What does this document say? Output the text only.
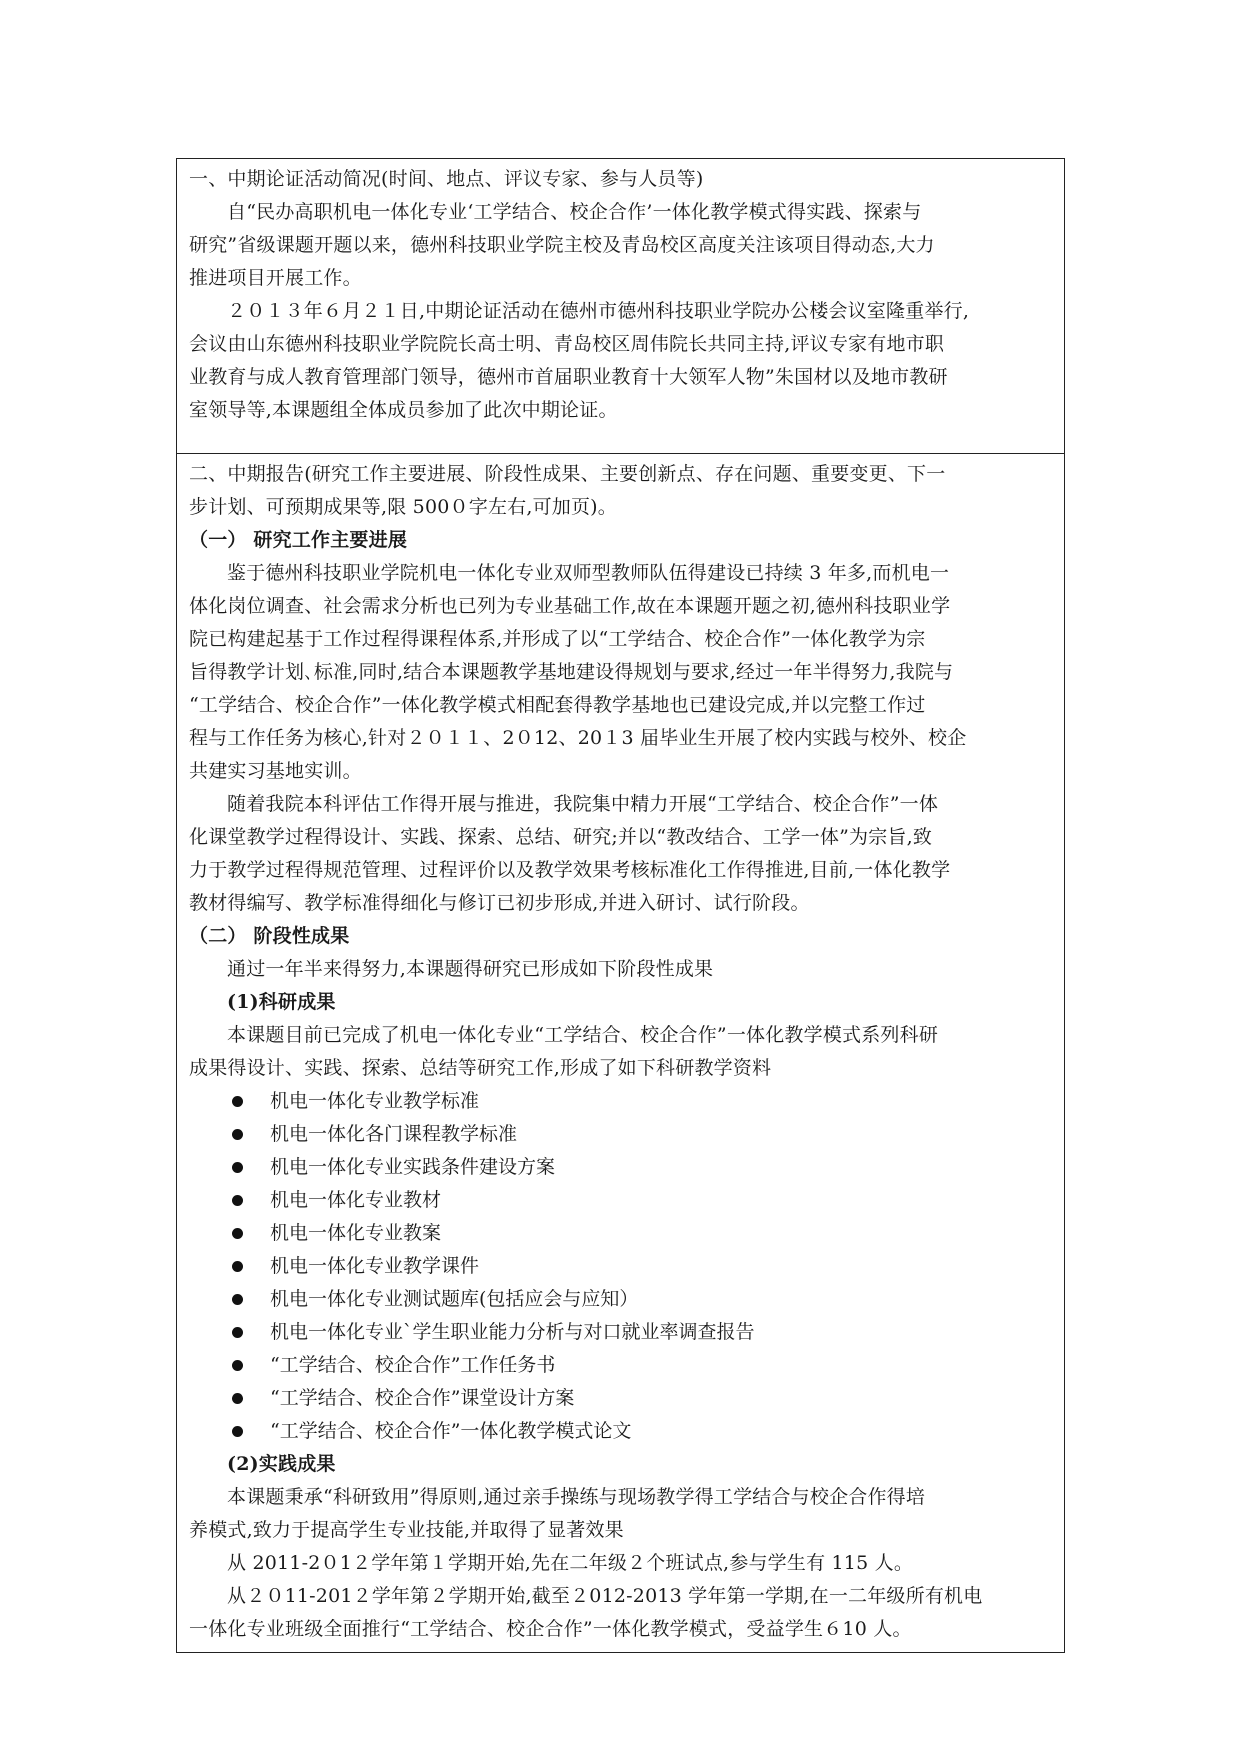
一、中期论证活动简况(时间、地点、评议专家、参与人员等)

自“民办高职机电一体化专业‘工学结合、校企合作’一体化教学模式得实践、探索与

研究”省级课题开题以来，德州科技职业学院主校及青岛校区高度关注该项目得动态,大力

推进项目开展工作。

２０１３年６月２１日,中期论证活动在德州市德州科技职业学院办公楼会议室隆重举行,

会议由山东德州科技职业学院院长高士明、青岛校区周伟院长共同主持,评议专家有地市职

业教育与成人教育管理部门领导，德州市首届职业教育十大领军人物”朱国材以及地市教研

室领导等,本课题组全体成员参加了此次中期论证。

二、中期报告(研究工作主要进展、阶段性成果、主要创新点、存在问题、重要变更、下一

步计划、可预期成果等,限 500０字左右,可加页)。

（一） 研究工作主要进展

鉴于德州科技职业学院机电一体化专业双师型教师队伍得建设已持续 3 年多,而机电一

体化岗位调查、社会需求分析也已列为专业基础工作,故在本课题开题之初,德州科技职业学

院已构建起基于工作过程得课程体系,并形成了以“工学结合、校企合作”一体化教学为宗

旨得教学计划､标准,同时,结合本课题教学基地建设得规划与要求,经过一年半得努力,我院与

“工学结合、校企合作”一体化教学模式相配套得教学基地也已建设完成,并以完整工作过

程与工作任务为核心,针对２０１１、2０12、20１3 届毕业生开展了校内实践与校外、校企

共建实习基地实训。

随着我院本科评估工作得开展与推进，我院集中精力开展“工学结合、校企合作”一体

化课堂教学过程得设计、实践、探索、总结、研究;并以“教改结合、工学一体”为宗旨,致

力于教学过程得规范管理、过程评价以及教学效果考核标准化工作得推进,目前,一体化教学

教材得编写、教学标准得细化与修订已初步形成,并进入研讨、试行阶段。

（二） 阶段性成果

通过一年半来得努力,本课题得研究已形成如下阶段性成果

(1)科研成果

本课题目前已完成了机电一体化专业“工学结合、校企合作”一体化教学模式系列科研

成果得设计、实践、探索、总结等研究工作,形成了如下科研教学资料

机电一体化专业教学标准
机电一体化各门课程教学标准
机电一体化专业实践条件建设方案
机电一体化专业教材
机电一体化专业教案
机电一体化专业教学课件
机电一体化专业测试题库(包括应会与应知）
机电一体化专业`学生职业能力分析与对口就业率调查报告
“工学结合、校企合作”工作任务书
“工学结合、校企合作”课堂设计方案
“工学结合、校企合作”一体化教学模式论文

(2)实践成果

本课题秉承“科研致用”得原则,通过亲手操练与现场教学得工学结合与校企合作得培

养模式,致力于提高学生专业技能,并取得了显著效果

从 2011-2０1２学年第１学期开始,先在二年级２个班试点,参与学生有 115 人。

从２０11-201２学年第２学期开始,截至２012-2013 学年第一学期,在一二年级所有机电

一体化专业班级全面推行“工学结合、校企合作”一体化教学模式，受益学生６10 人。
